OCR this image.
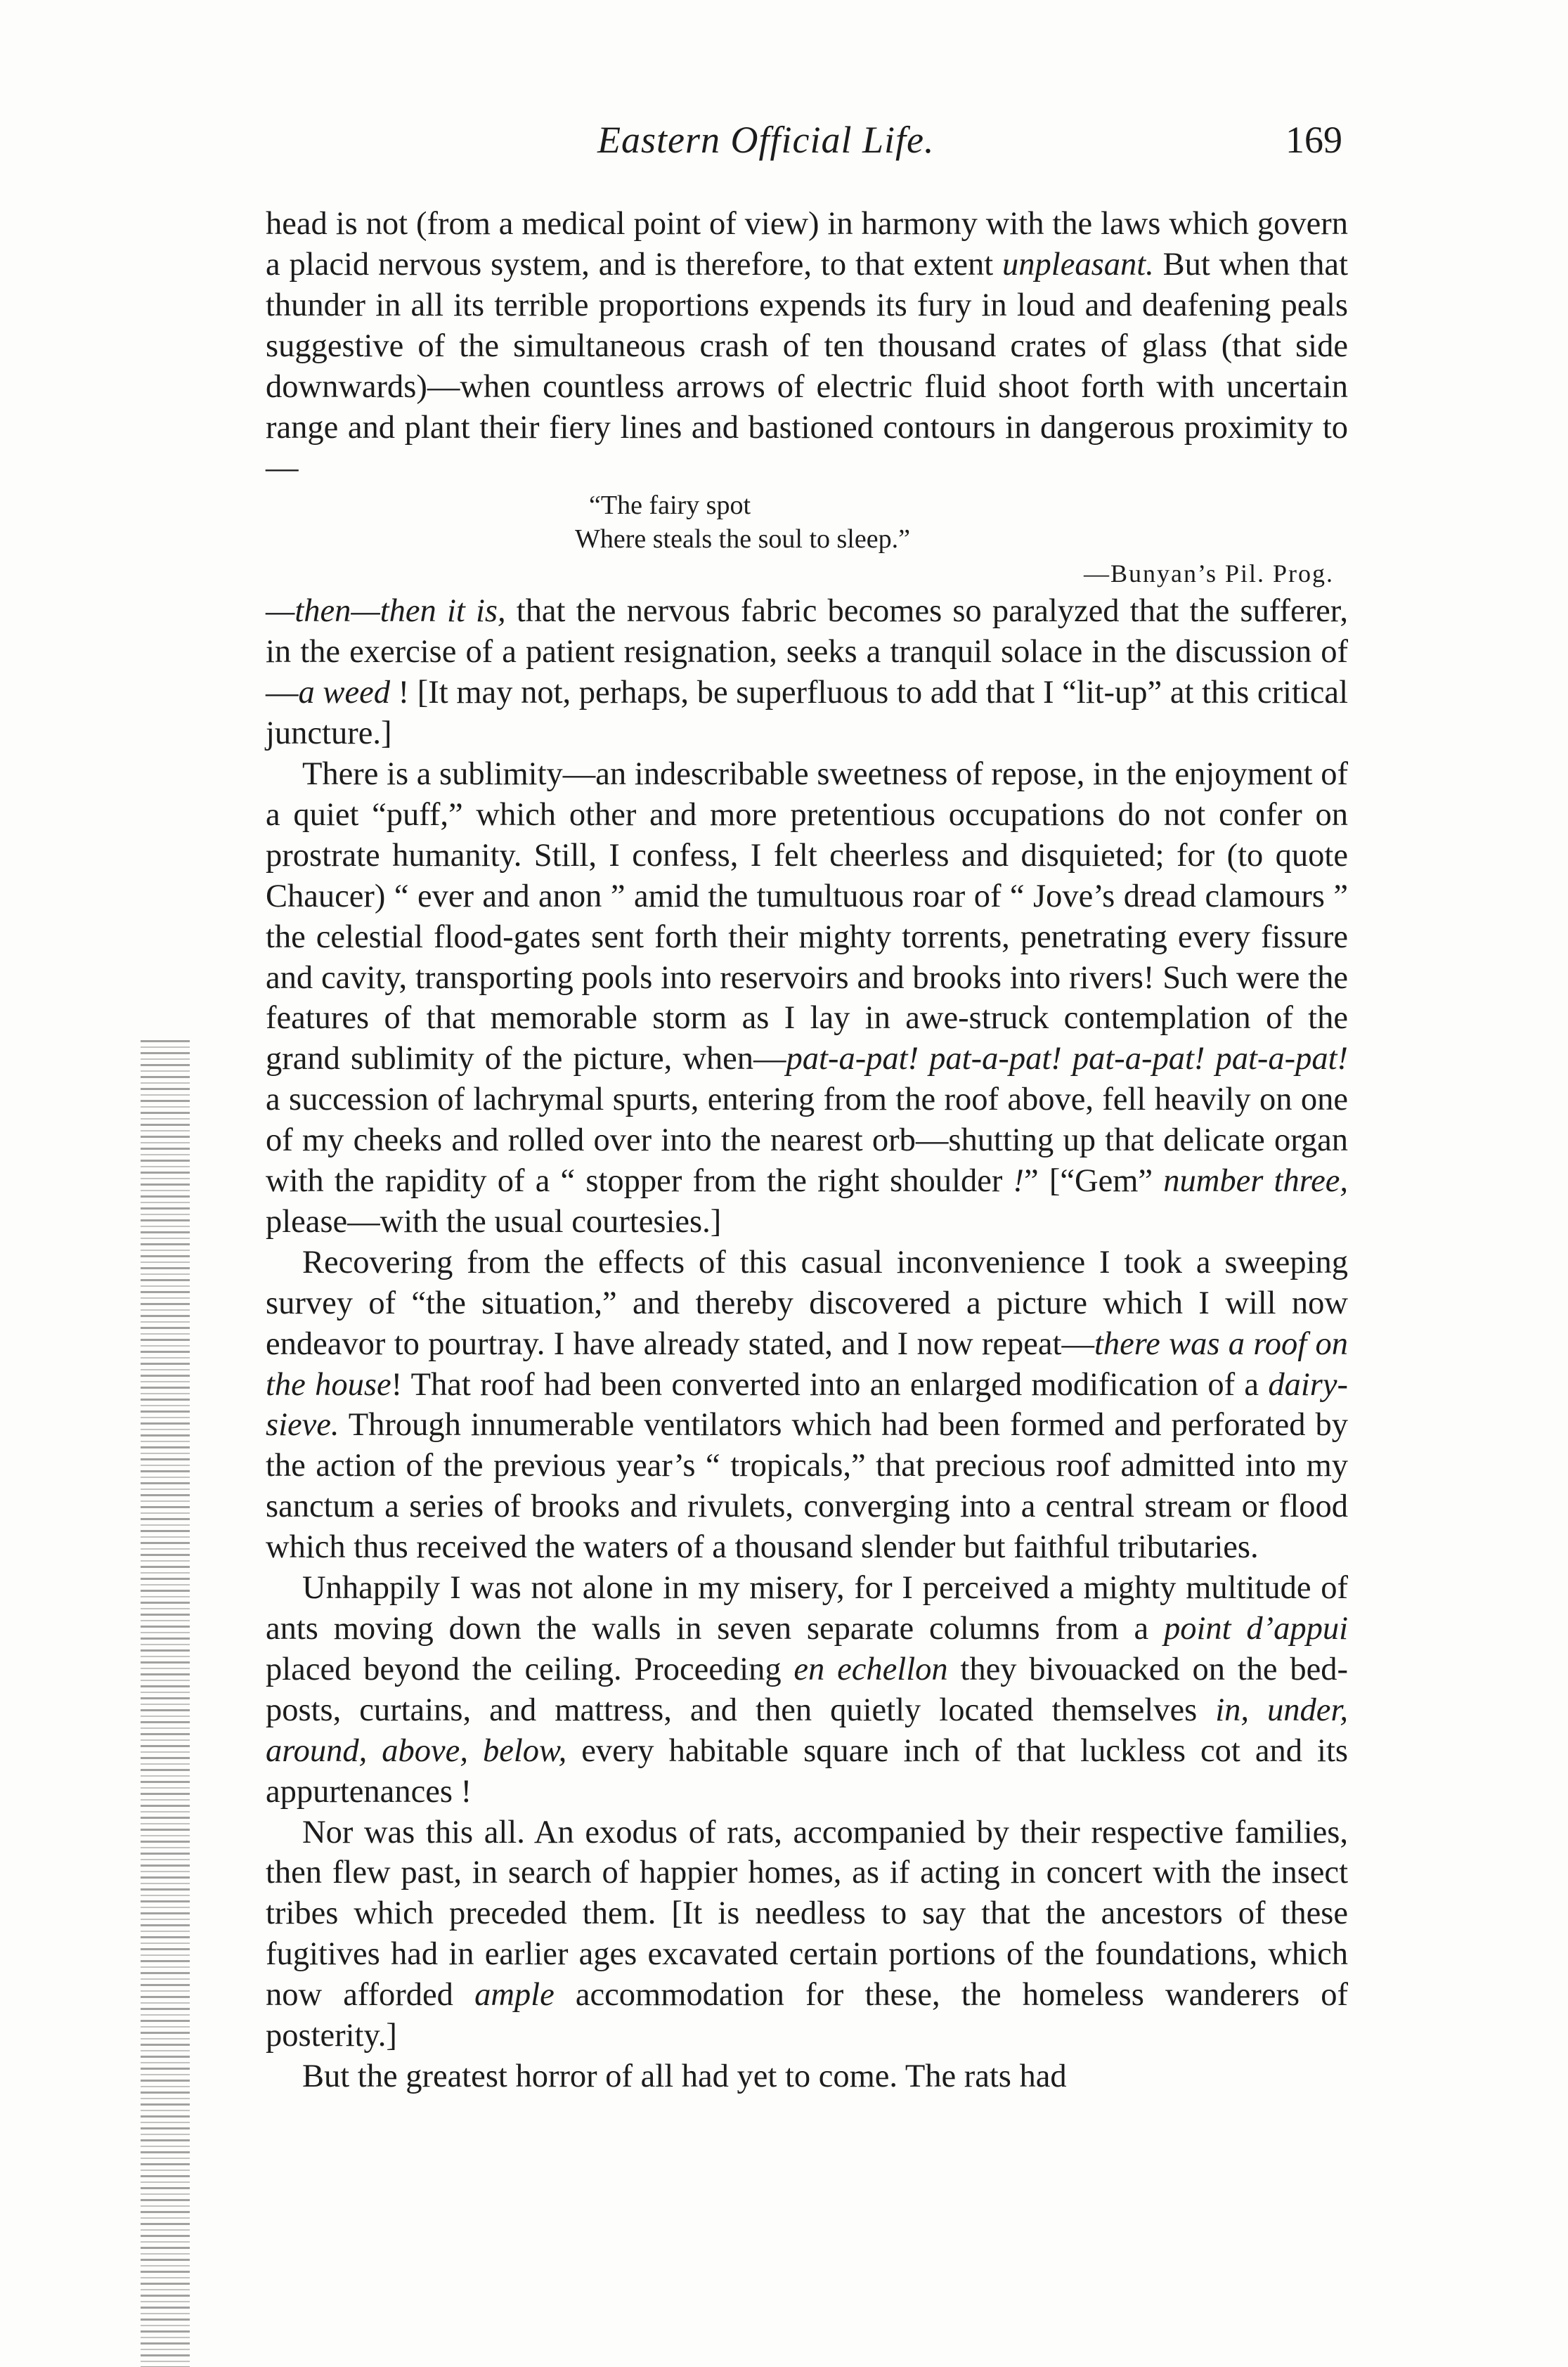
Eastern Official Life.	169

head is not (from a medical point of view) in harmony with the laws which govern a placid nervous system, and is therefore, to that extent unpleasant. But when that thunder in all its terrible proportions expends its fury in loud and deafening peals suggestive of the simultaneous crash of ten thousand crates of glass (that side downwards)—when countless arrows of electric fluid shoot forth with uncertain range and plant their fiery lines and bastioned contours in dangerous proximity to—

“The fairy spot

Where steals the soul to sleep.”

—Bunyan’s Pil. Prog.

—then—then it is, that the nervous fabric becomes so paralyzed that the sufferer, in the exercise of a patient resignation, seeks a tranquil solace in the discussion of—a weed ! [It may not, perhaps, be superfluous to add that I “lit-up” at this critical juncture.]

There is a sublimity—an indescribable sweetness of repose, in the enjoyment of a quiet “puff,” which other and more pretentious occupations do not confer on prostrate humanity. Still, I confess, I felt cheerless and disquieted; for (to quote Chaucer) “ ever and anon ” amid the tumultuous roar of “ Jove’s dread clamours ” the celestial flood-gates sent forth their mighty torrents, penetrating every fissure and cavity, transporting pools into reservoirs and brooks into rivers! Such were the features of that memorable storm as I lay in awe-struck contemplation of the grand sublimity of the picture, when—pat-a-pat! pat-a-pat! pat-a-pat! pat-a-pat! a succession of lachrymal spurts, entering from the roof above, fell heavily on one of my cheeks and rolled over into the nearest orb—shutting up that delicate organ with the rapidity of a “ stopper from the right shoulder !” [“Gem” number three, please—with the usual courtesies.]

Recovering from the effects of this casual inconvenience I took a sweeping survey of “the situation,” and thereby discovered a picture which I will now endeavor to pourtray. I have already stated, and I now repeat—there was a roof on the house! That roof had been converted into an enlarged modification of a dairy-sieve. Through innumerable ventilators which had been formed and perforated by the action of the previous year’s “ tropicals,” that precious roof admitted into my sanctum a series of brooks and rivulets, converging into a central stream or flood which thus received the waters of a thousand slender but faithful tributaries.

Unhappily I was not alone in my misery, for I perceived a mighty multitude of ants moving down the walls in seven separate columns from a point d’appui placed beyond the ceiling. Proceeding en echellon they bivouacked on the bed-posts, curtains, and mattress, and then quietly located themselves in, under, around, above, below, every habitable square inch of that luckless cot and its appurtenances !

Nor was this all. An exodus of rats, accompanied by their respective families, then flew past, in search of happier homes, as if acting in concert with the insect tribes which preceded them. [It is needless to say that the ancestors of these fugitives had in earlier ages excavated certain portions of the foundations, which now afforded ample accommodation for these, the homeless wanderers of posterity.]

But the greatest horror of all had yet to come. The rats had
